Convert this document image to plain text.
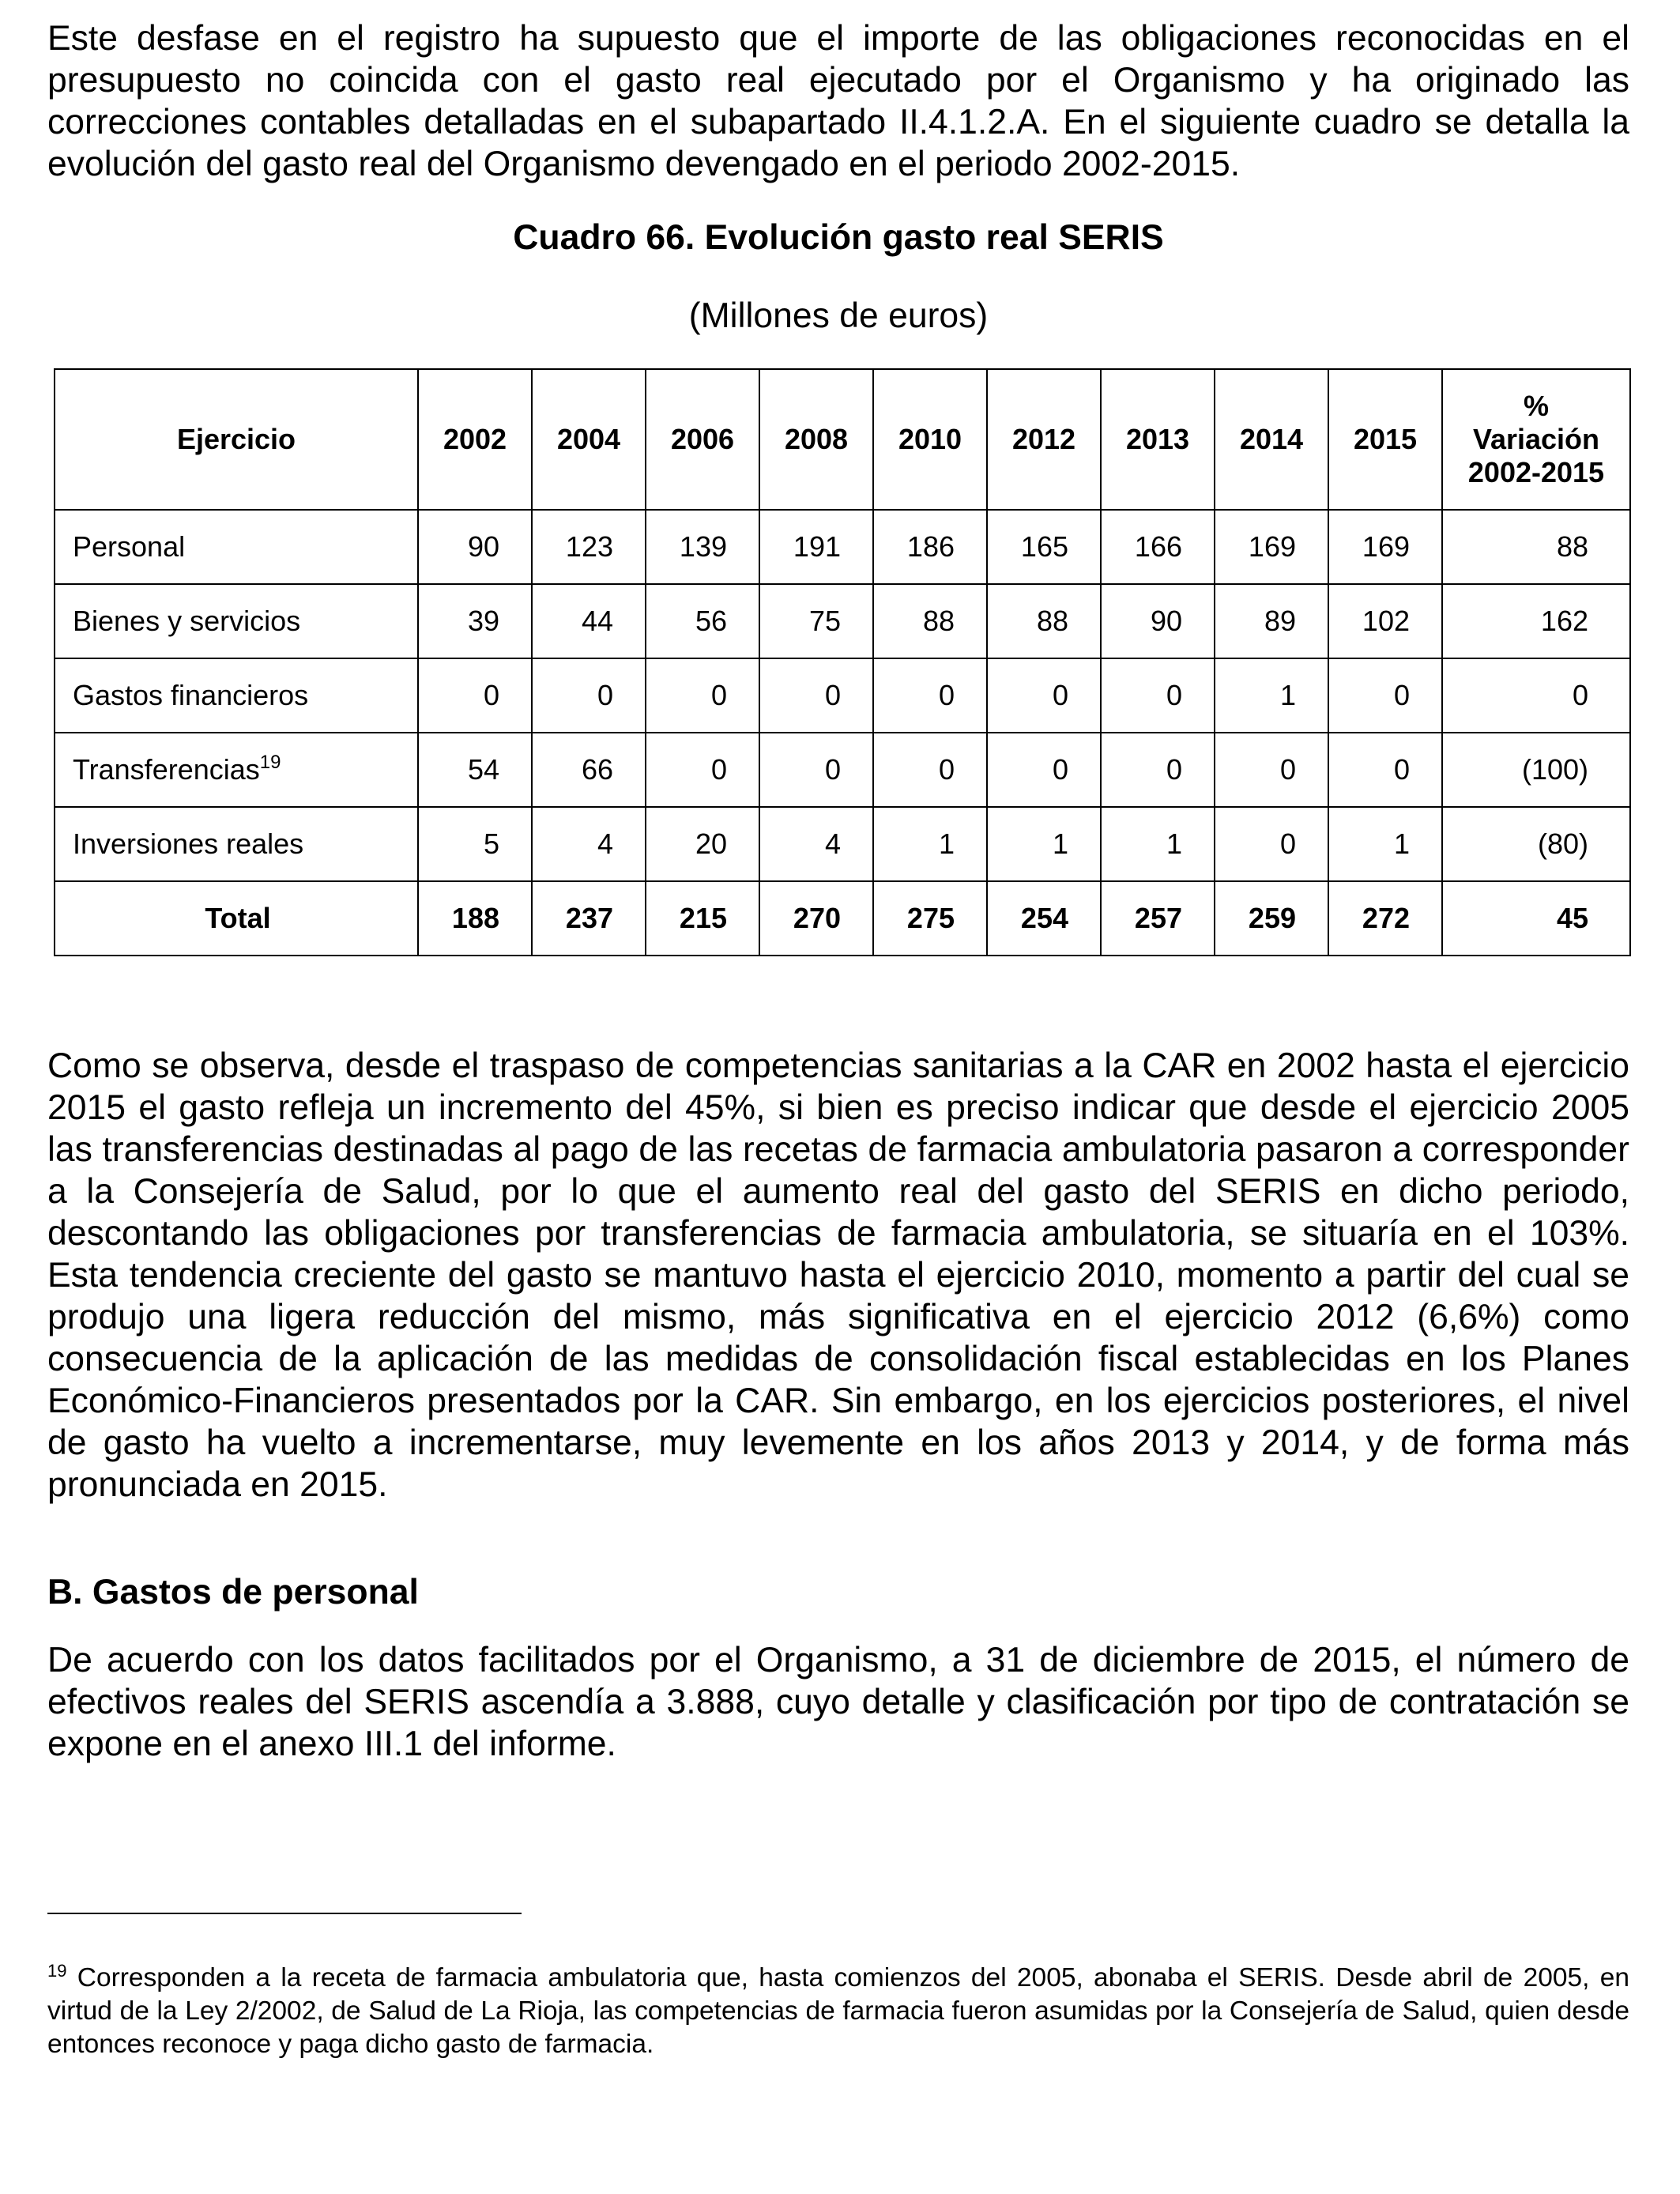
Este desfase en el registro ha supuesto que el importe de las obligaciones reconocidas en el presupuesto no coincida con el gasto real ejecutado por el Organismo y ha originado las correcciones contables detalladas en el subapartado II.4.1.2.A. En el siguiente cuadro se detalla la evolución del gasto real del Organismo devengado en el periodo 2002-2015.

Cuadro 66. Evolución gasto real SERIS

(Millones de euros)

Ejercicio	2002	2004	2006	2008	2010	2012	2013	2014	2015	%
Variación
2002-2015

Personal	90	123	139	191	186	165	166	169	169	88
Bienes y servicios	39	44	56	75	88	88	90	89	102	162
Gastos financieros	0	0	0	0	0	0	0	1	0	0
Transferencias$^{19}$	54	66	0	0	0	0	0	0	0	(100)
Inversiones reales	5	4	20	4	1	1	1	0	1	(80)
Total	188	237	215	270	275	254	257	259	272	45

Como se observa, desde el traspaso de competencias sanitarias a la CAR en 2002 hasta el ejercicio 2015 el gasto refleja un incremento del 45%, si bien es preciso indicar que desde el ejercicio 2005 las transferencias destinadas al pago de las recetas de farmacia ambulatoria pasaron a corresponder a la Consejería de Salud, por lo que el aumento real del gasto del SERIS en dicho periodo, descontando las obligaciones por transferencias de farmacia ambulatoria, se situaría en el 103%. Esta tendencia creciente del gasto se mantuvo hasta el ejercicio 2010, momento a partir del cual se produjo una ligera reducción del mismo, más significativa en el ejercicio 2012 (6,6%) como consecuencia de la aplicación de las medidas de consolidación fiscal establecidas en los Planes Económico-Financieros presentados por la CAR. Sin embargo, en los ejercicios posteriores, el nivel de gasto ha vuelto a incrementarse, muy levemente en los años 2013 y 2014, y de forma más pronunciada en 2015.

B. Gastos de personal

De acuerdo con los datos facilitados por el Organismo, a 31 de diciembre de 2015, el número de efectivos reales del SERIS ascendía a 3.888, cuyo detalle y clasificación por tipo de contratación se expone en el anexo III.1 del informe.

$^{19}$ Corresponden a la receta de farmacia ambulatoria que, hasta comienzos del 2005, abonaba el SERIS. Desde abril de 2005, en virtud de la Ley 2/2002, de Salud de La Rioja, las competencias de farmacia fueron asumidas por la Consejería de Salud, quien desde entonces reconoce y paga dicho gasto de farmacia.
